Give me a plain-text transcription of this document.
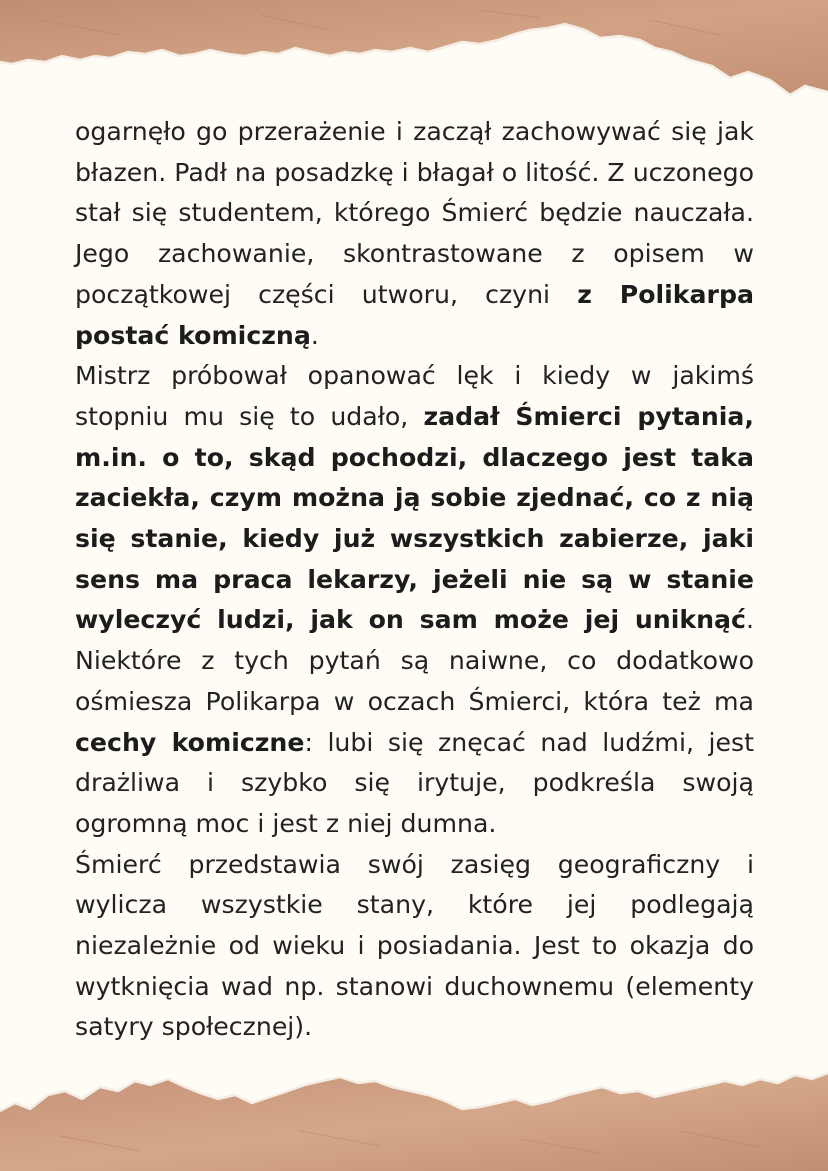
ogarnęło go przerażenie i zaczął zachowywać się jak błazen. Padł na posadzkę i błagał o litość. Z uczonego stał się studentem, którego Śmierć będzie nauczała. Jego zachowanie, skontrastowane z opisem w początkowej części utworu, czyni z Polikarpa postać komiczną.

Mistrz próbował opanować lęk i kiedy w jakimś stopniu mu się to udało, zadał Śmierci pytania, m.in. o to, skąd pochodzi, dlaczego jest taka zaciekła, czym można ją sobie zjednać, co z nią się stanie, kiedy już wszystkich zabierze, jaki sens ma praca lekarzy, jeżeli nie są w stanie wyleczyć ludzi, jak on sam może jej uniknąć. Niektóre z tych pytań są naiwne, co dodatkowo ośmiesza Polikarpa w oczach Śmierci, która też ma cechy komiczne: lubi się znęcać nad ludźmi, jest drażliwa i szybko się irytuje, podkreśla swoją ogromną moc i jest z niej dumna.

Śmierć przedstawia swój zasięg geograficzny i wylicza wszystkie stany, które jej podlegają niezależnie od wieku i posiadania. Jest to okazja do wytknięcia wad np. stanowi duchownemu (elementy satyry społecznej).
